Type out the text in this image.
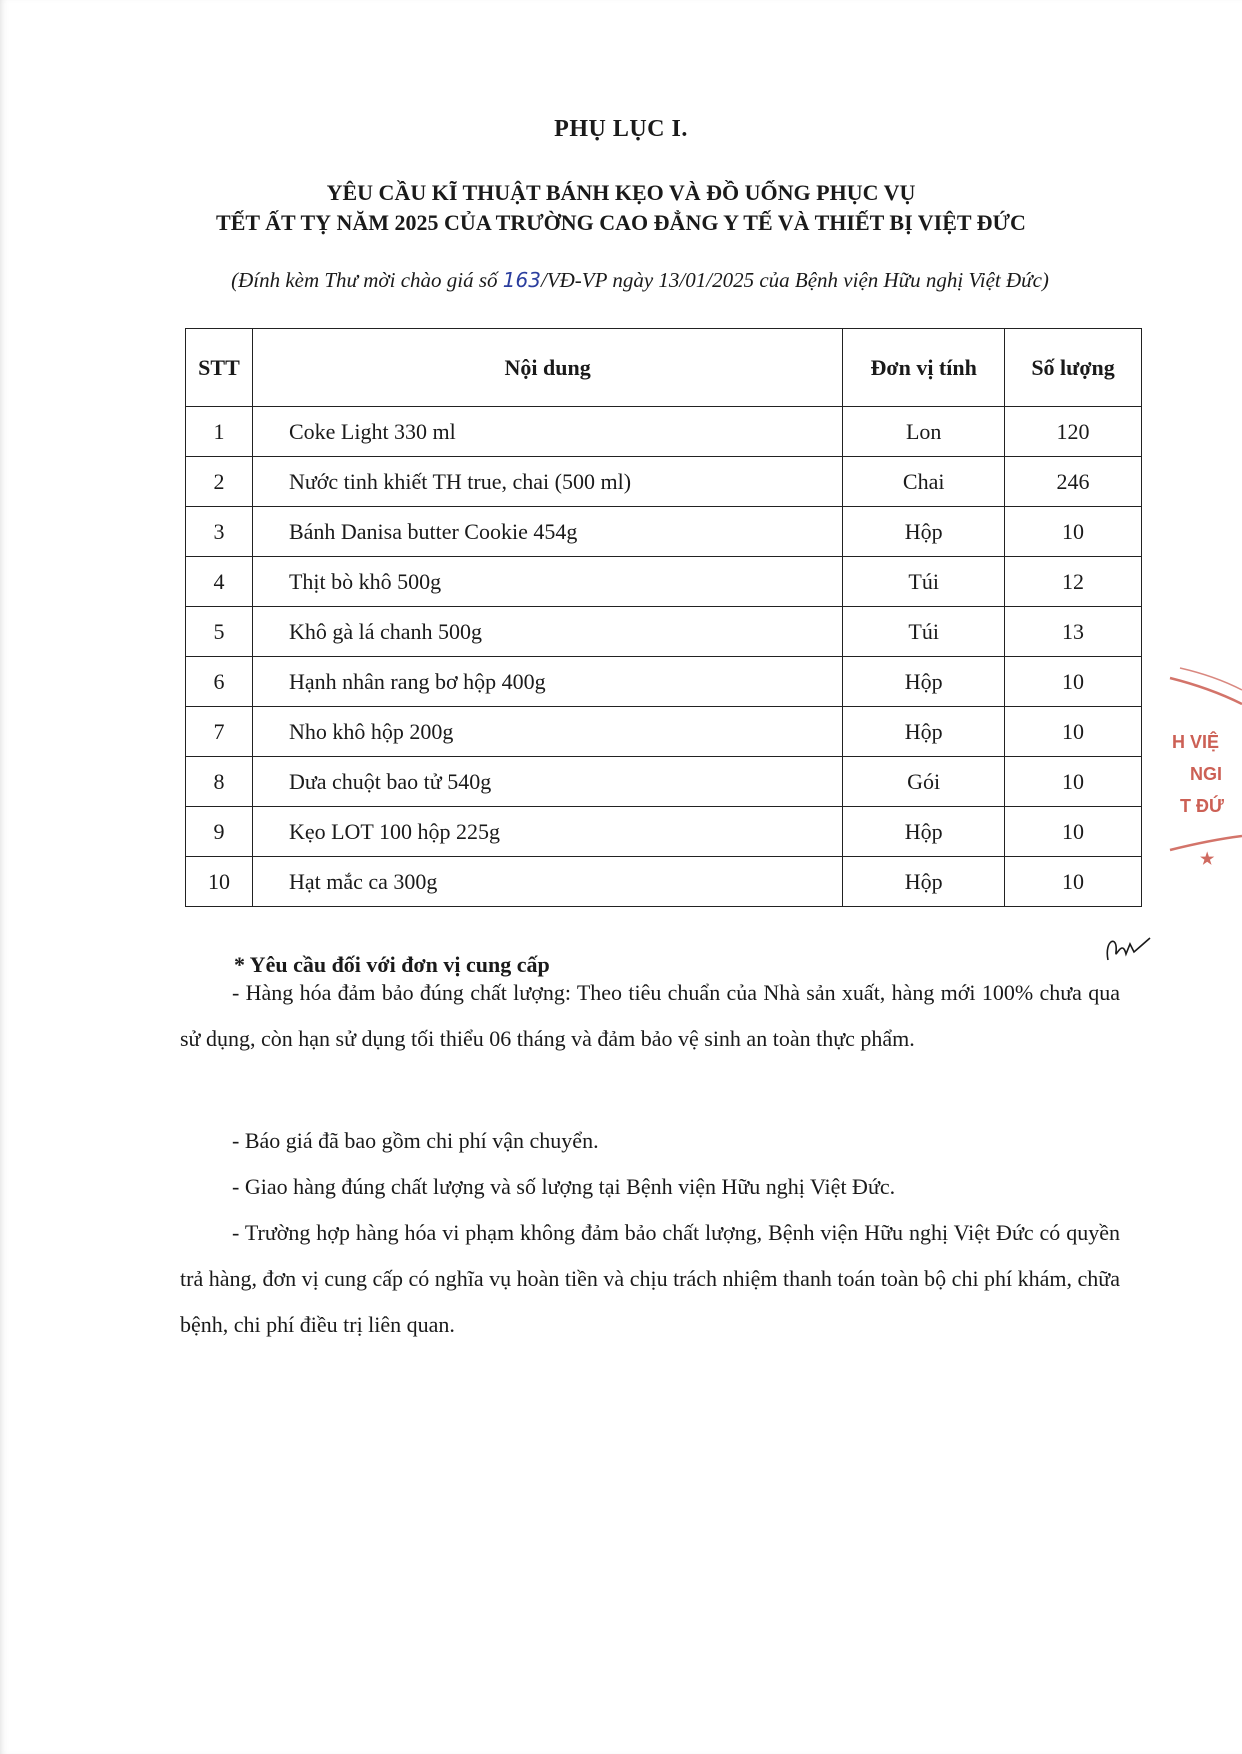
PHỤ LỤC I.
YÊU CẦU KĨ THUẬT BÁNH KẸO VÀ ĐỒ UỐNG PHỤC VỤ
TẾT ẤT TỴ NĂM 2025 CỦA TRƯỜNG CAO ĐẲNG Y TẾ VÀ THIẾT BỊ VIỆT ĐỨC
(Đính kèm Thư mời chào giá số 163/VĐ-VP ngày 13/01/2025 của Bệnh viện Hữu nghị Việt Đức)
STT	Nội dung	Đơn vị tính	Số lượng
1	Coke Light 330 ml	Lon	120
2	Nước tinh khiết TH true, chai (500 ml)	Chai	246
3	Bánh Danisa butter Cookie 454g	Hộp	10
4	Thịt bò khô 500g	Túi	12
5	Khô gà lá chanh 500g	Túi	13
6	Hạnh nhân rang bơ hộp 400g	Hộp	10
7	Nho khô hộp 200g	Hộp	10
8	Dưa chuột bao tử 540g	Gói	10
9	Kẹo LOT 100 hộp 225g	Hộp	10
10	Hạt mắc ca 300g	Hộp	10
★
H VIỆ
NGI
T ĐỨ
* Yêu cầu đối với đơn vị cung cấp
- Hàng hóa đảm bảo đúng chất lượng: Theo tiêu chuẩn của Nhà sản xuất, hàng mới 100% chưa qua sử dụng, còn hạn sử dụng tối thiểu 06 tháng và đảm bảo vệ sinh an toàn thực phẩm.
- Báo giá đã bao gồm chi phí vận chuyển.
- Giao hàng đúng chất lượng và số lượng tại Bệnh viện Hữu nghị Việt Đức.
- Trường hợp hàng hóa vi phạm không đảm bảo chất lượng, Bệnh viện Hữu nghị Việt Đức có quyền trả hàng, đơn vị cung cấp có nghĩa vụ hoàn tiền và chịu trách nhiệm thanh toán toàn bộ chi phí khám, chữa bệnh, chi phí điều trị liên quan.
